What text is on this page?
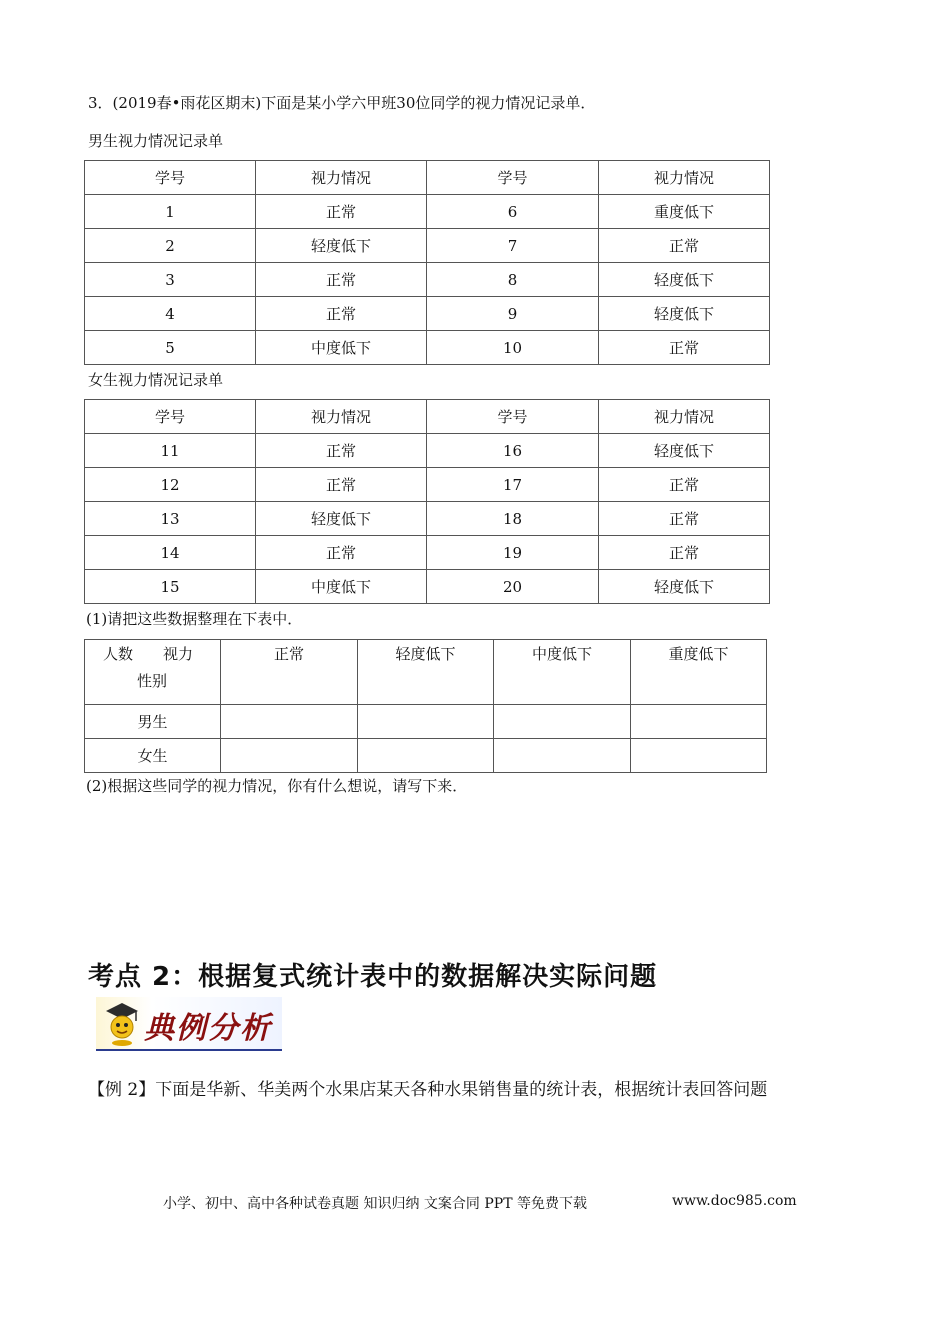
3．(2019春•雨花区期末)下面是某小学六甲班30位同学的视力情况记录单．
男生视力情况记录单
学号	视力情况	学号	视力情况
1	正常	6	重度低下
2	轻度低下	7	正常
3	正常	8	轻度低下
4	正常	9	轻度低下
5	中度低下	10	正常
女生视力情况记录单
学号	视力情况	学号	视力情况
11	正常	16	轻度低下
12	正常	17	正常
13	轻度低下	18	正常
14	正常	19	正常
15	中度低下	20	轻度低下
(1)请把这些数据整理在下表中．
人数　　视力
性别	正常	轻度低下	中度低下	重度低下
男生				
女生				
(2)根据这些同学的视力情况，你有什么想说，请写下来．
考点 2：根据复式统计表中的数据解决实际问题
典例分析
【例 2】下面是华新、华美两个水果店某天各种水果销售量的统计表，根据统计表回答问题
小学、初中、高中各种试卷真题 知识归纳 文案合同 PPT 等免费下载	www.doc985.com
